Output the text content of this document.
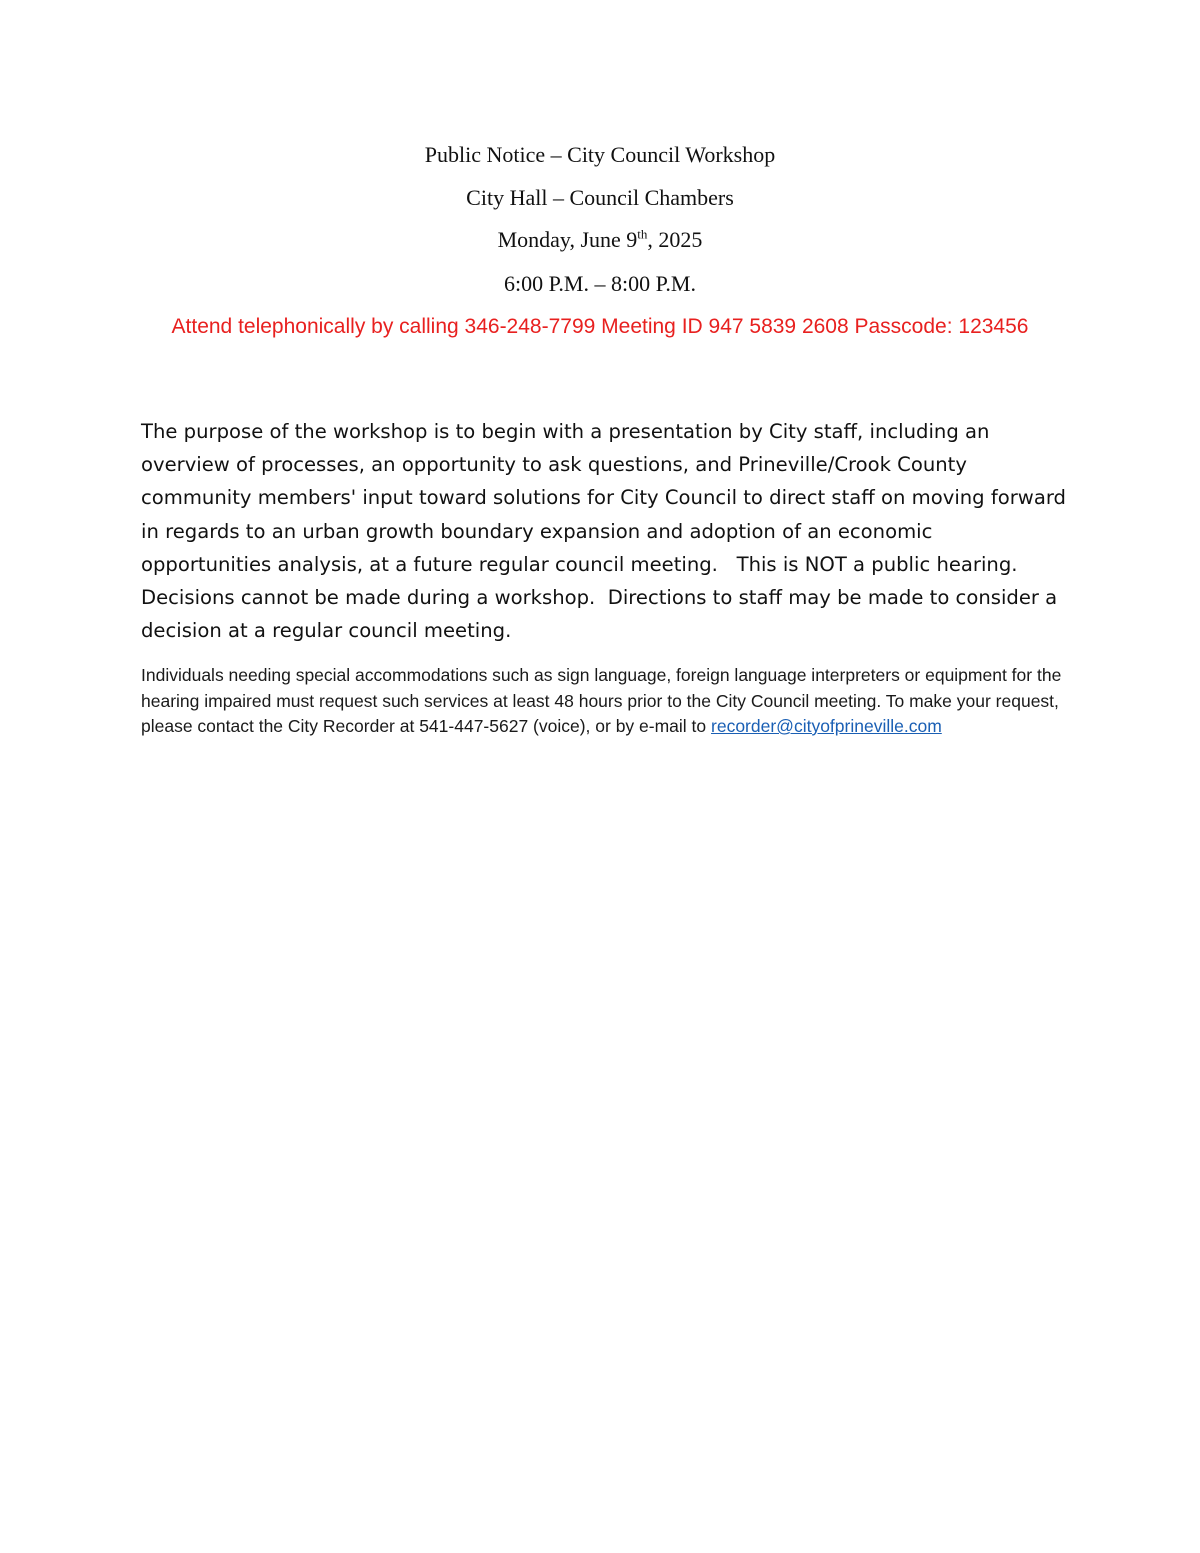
Public Notice – City Council Workshop
City Hall – Council Chambers
Monday, June 9th, 2025
6:00 P.M. – 8:00 P.M.
Attend telephonically by calling 346-248-7799 Meeting ID 947 5839 2608 Passcode: 123456
The purpose of the workshop is to begin with a presentation by City staff, including an overview of processes, an opportunity to ask questions, and Prineville/Crook County community members' input toward solutions for City Council to direct staff on moving forward in regards to an urban growth boundary expansion and adoption of an economic opportunities analysis, at a future regular council meeting.   This is NOT a public hearing.  Decisions cannot be made during a workshop.  Directions to staff may be made to consider a decision at a regular council meeting.
Individuals needing special accommodations such as sign language, foreign language interpreters or equipment for the hearing impaired must request such services at least 48 hours prior to the City Council meeting. To make your request, please contact the City Recorder at 541-447-5627 (voice), or by e-mail to recorder@cityofprineville.com
